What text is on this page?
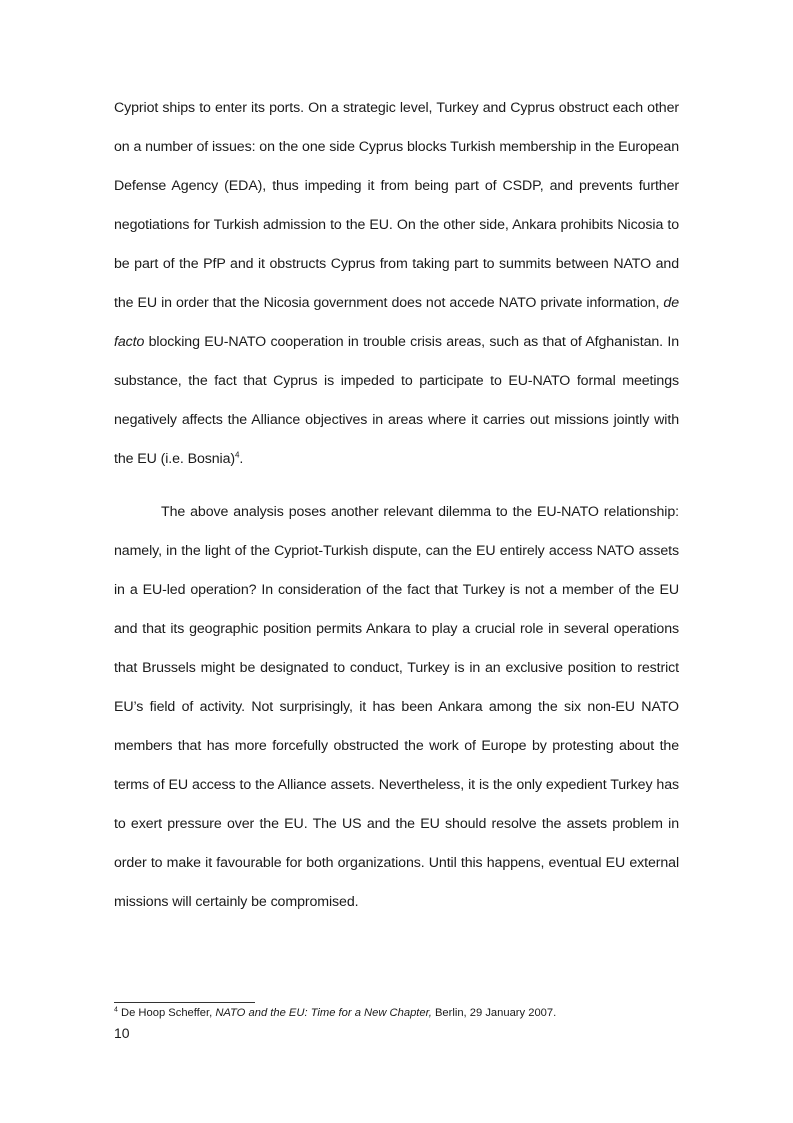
Cypriot ships to enter its ports. On a strategic level, Turkey and Cyprus obstruct each other on a number of issues: on the one side Cyprus blocks Turkish membership in the European Defense Agency (EDA), thus impeding it from being part of CSDP, and prevents further negotiations for Turkish admission to the EU. On the other side, Ankara prohibits Nicosia to be part of the PfP and it obstructs Cyprus from taking part to summits between NATO and the EU in order that the Nicosia government does not accede NATO private information, de facto blocking EU-NATO cooperation in trouble crisis areas, such as that of Afghanistan. In substance, the fact that Cyprus is impeded to participate to EU-NATO formal meetings negatively affects the Alliance objectives in areas where it carries out missions jointly with the EU (i.e. Bosnia)$^4$.

The above analysis poses another relevant dilemma to the EU-NATO relationship: namely, in the light of the Cypriot-Turkish dispute, can the EU entirely access NATO assets in a EU-led operation? In consideration of the fact that Turkey is not a member of the EU and that its geographic position permits Ankara to play a crucial role in several operations that Brussels might be designated to conduct, Turkey is in an exclusive position to restrict EU’s field of activity. Not surprisingly, it has been Ankara among the six non-EU NATO members that has more forcefully obstructed the work of Europe by protesting about the terms of EU access to the Alliance assets. Nevertheless, it is the only expedient Turkey has to exert pressure over the EU. The US and the EU should resolve the assets problem in order to make it favourable for both organizations. Until this happens, eventual EU external missions will certainly be compromised.

$^4$ De Hoop Scheffer, NATO and the EU: Time for a New Chapter, Berlin, 29 January 2007.
10
